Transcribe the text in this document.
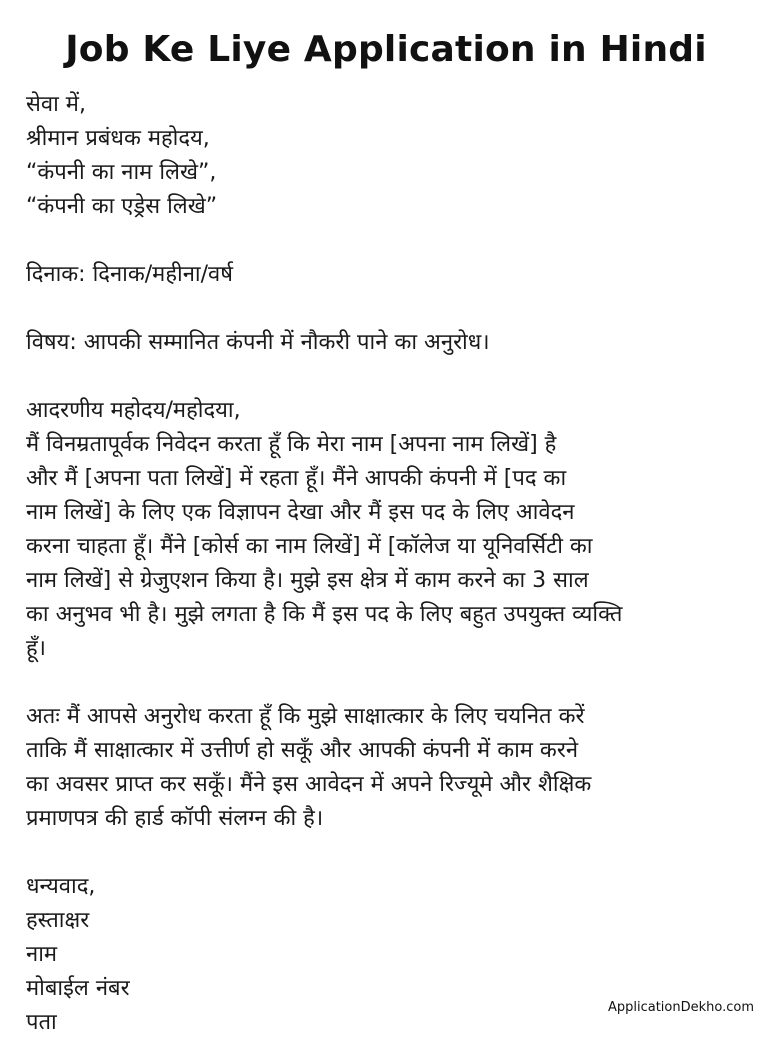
Job Ke Liye Application in Hindi
सेवा में,
श्रीमान प्रबंधक महोदय,
“कंपनी का नाम लिखे”,
“कंपनी का एड्रेस लिखे”
दिनाक: दिनाक/महीना/वर्ष
विषय: आपकी सम्मानित कंपनी में नौकरी पाने का अनुरोध।
आदरणीय महोदय/महोदया,
मैं विनम्रतापूर्वक निवेदन करता हूँ कि मेरा नाम [अपना नाम लिखें] है
और मैं [अपना पता लिखें] में रहता हूँ। मैंने आपकी कंपनी में [पद का
नाम लिखें] के लिए एक विज्ञापन देखा और मैं इस पद के लिए आवेदन
करना चाहता हूँ। मैंने [कोर्स का नाम लिखें] में [कॉलेज या यूनिवर्सिटी का
नाम लिखें] से ग्रेजुएशन किया है। मुझे इस क्षेत्र में काम करने का 3 साल
का अनुभव भी है। मुझे लगता है कि मैं इस पद के लिए बहुत उपयुक्त व्यक्ति
हूँ।
अतः मैं आपसे अनुरोध करता हूँ कि मुझे साक्षात्कार के लिए चयनित करें
ताकि मैं साक्षात्कार में उत्तीर्ण हो सकूँ और आपकी कंपनी में काम करने
का अवसर प्राप्त कर सकूँ। मैंने इस आवेदन में अपने रिज्यूमे और शैक्षिक
प्रमाणपत्र की हार्ड कॉपी संलग्न की है।
धन्यवाद,
हस्ताक्षर
नाम
मोबाईल नंबर
पता
ApplicationDekho.com
